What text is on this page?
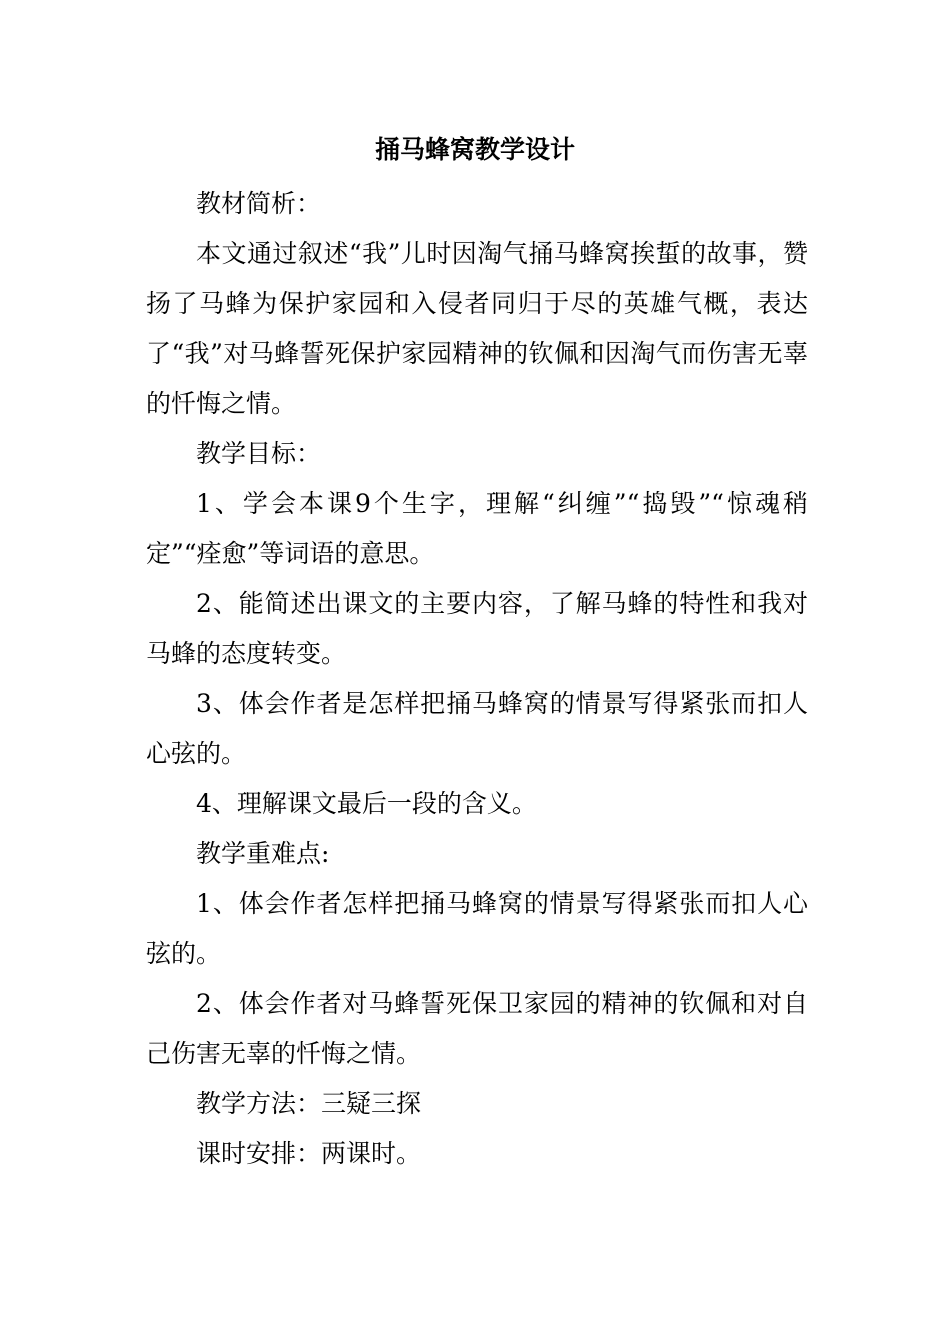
捅马蜂窝教学设计

教材简析：

本文通过叙述“我”儿时因淘气捅马蜂窝挨蜇的故事，赞扬了马蜂为保护家园和入侵者同归于尽的英雄气概，表达了“我”对马蜂誓死保护家园精神的钦佩和因淘气而伤害无辜的忏悔之情。

教学目标：

1、学会本课9个生字，理解“纠缠”“捣毁”“惊魂稍定”“痊愈”等词语的意思。

2、能简述出课文的主要内容，了解马蜂的特性和我对马蜂的态度转变。

3、体会作者是怎样把捅马蜂窝的情景写得紧张而扣人心弦的。

4、理解课文最后一段的含义。

教学重难点:

1、体会作者怎样把捅马蜂窝的情景写得紧张而扣人心弦的。

2、体会作者对马蜂誓死保卫家园的精神的钦佩和对自己伤害无辜的忏悔之情。

教学方法：三疑三探

课时安排：两课时。
